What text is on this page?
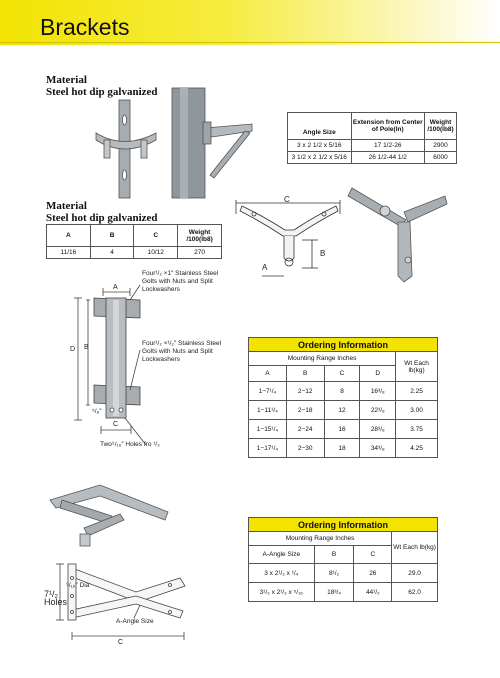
Brackets
Material
Steel hot dip galvanized
Angle Size	Extension from Center of Pole(In)	Weight /100(lb8)
3 x 2 1/2 x 5/16	17 1/2-26	2900
3 1/2 x 2 1/2 x 5/16	26 1/2-44 1/2	6000
Material
Steel hot dip galvanized
A	B	C	Weight /100(lb8)
11/16	4	10/12	270
C
B
A
Four¹/₂ ×1″ Stainless Steel Golts with Nuts and Split Lockwashers
A
D B
Four¹/₂ ×¹/₂″ Stainless Steel Golts with Nuts and Split Lockwashers
⁵/₈″
C
Two⁹/₁₆″ Holes fro ¹/₂
Ordering Information				
Mounting Range Inches				Wt Each lb(kg)
A	B	C	D	
1−7¹/₄	2−12	8	16³/₈	2.25
1−11¹/₄	2−18	12	22³/₈	3.00
1−15¹/₄	2−24	16	28³/₈	3.75
1−17¹/₄	2−30	18	34³/₈	4.25
⁹/₁₆″ Dia
7¹/₂ Holes
A-Angle Size
C
Ordering Information			
Mounting Range Inches			Wt Each lb(kg)
A-Angle Size	B	C	
3 x 2¹/₂ x ¹/₄	8¹/₂	26	29.0
3¹/₂ x 2¹/₂ x ⁵/₁₆	18³/₄	44¹/₂	62.0
